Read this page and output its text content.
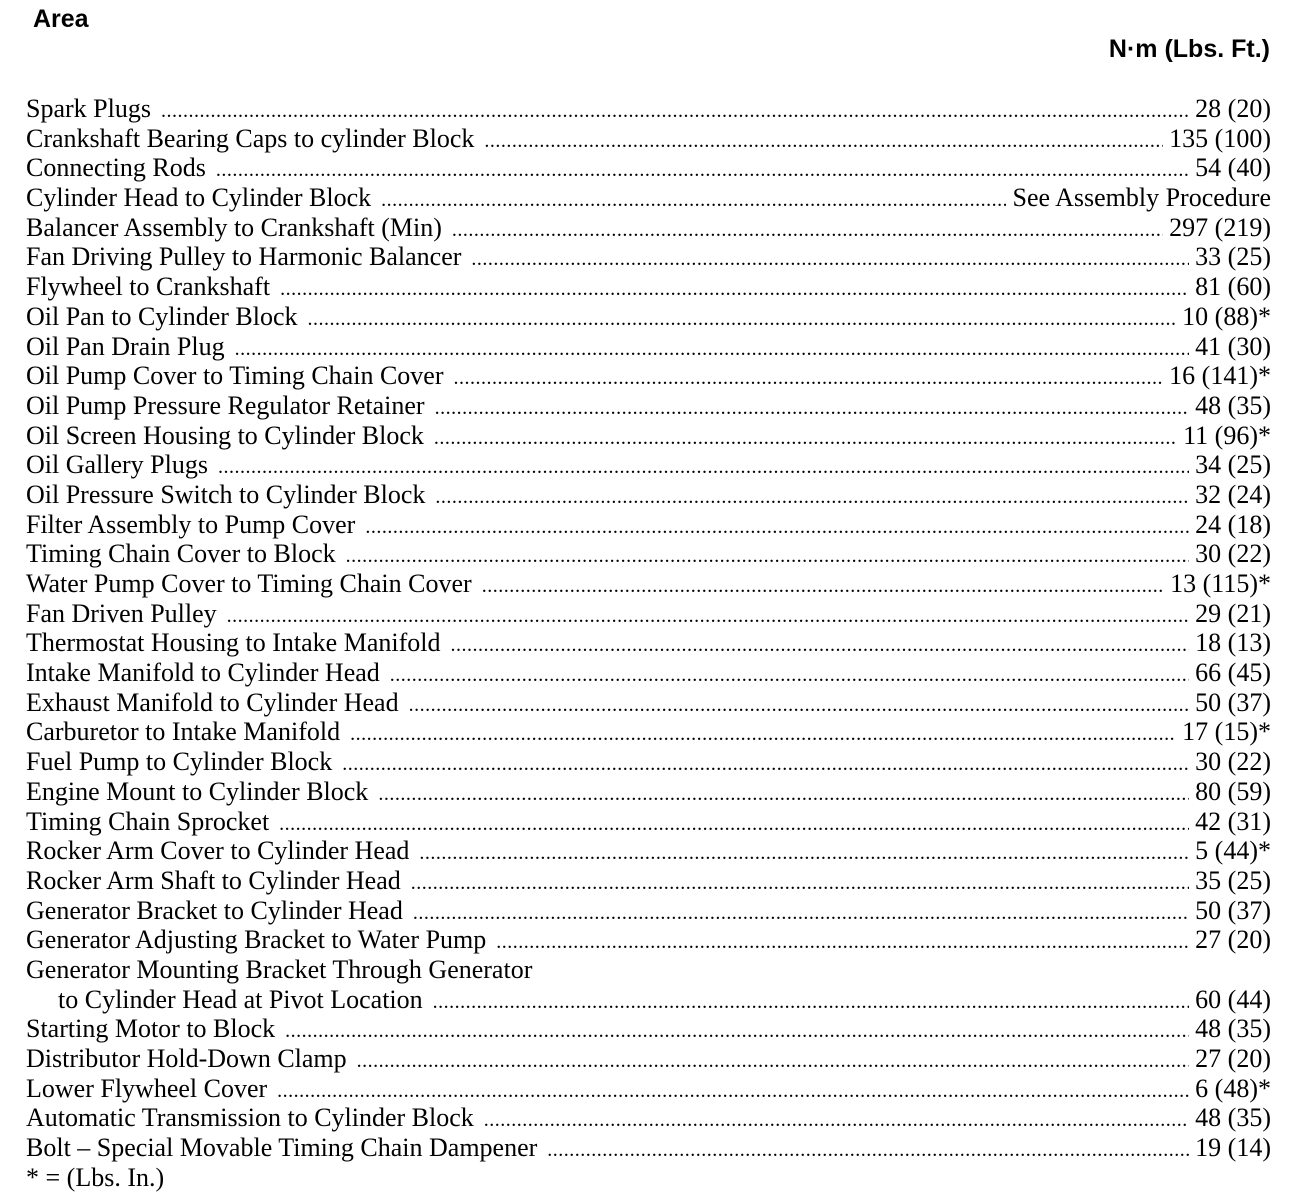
Area
N·m (Lbs. Ft.)
Spark Plugs .....	28 (20)
Crankshaft Bearing Caps to cylinder Block .....	135 (100)
Connecting Rods .....	54 (40)
Cylinder Head to Cylinder Block .....	See Assembly Procedure
Balancer Assembly to Crankshaft (Min) .....	297 (219)
Fan Driving Pulley to Harmonic Balancer .....	33 (25)
Flywheel to Crankshaft .....	81 (60)
Oil Pan to Cylinder Block .....	10 (88)*
Oil Pan Drain Plug .....	41 (30)
Oil Pump Cover to Timing Chain Cover .....	16 (141)*
Oil Pump Pressure Regulator Retainer .....	48 (35)
Oil Screen Housing to Cylinder Block .....	11 (96)*
Oil Gallery Plugs .....	34 (25)
Oil Pressure Switch to Cylinder Block .....	32 (24)
Filter Assembly to Pump Cover .....	24 (18)
Timing Chain Cover to Block .....	30 (22)
Water Pump Cover to Timing Chain Cover .....	13 (115)*
Fan Driven Pulley .....	29 (21)
Thermostat Housing to Intake Manifold .....	18 (13)
Intake Manifold to Cylinder Head .....	66 (45)
Exhaust Manifold to Cylinder Head .....	50 (37)
Carburetor to Intake Manifold .....	17 (15)*
Fuel Pump to Cylinder Block .....	30 (22)
Engine Mount to Cylinder Block .....	80 (59)
Timing Chain Sprocket .....	42 (31)
Rocker Arm Cover to Cylinder Head .....	5 (44)*
Rocker Arm Shaft to Cylinder Head .....	35 (25)
Generator Bracket to Cylinder Head .....	50 (37)
Generator Adjusting Bracket to Water Pump .....	27 (20)
Generator Mounting Bracket Through Generator
to Cylinder Head at Pivot Location .....	60 (44)
Starting Motor to Block .....	48 (35)
Distributor Hold-Down Clamp .....	27 (20)
Lower Flywheel Cover .....	6 (48)*
Automatic Transmission to Cylinder Block .....	48 (35)
Bolt – Special Movable Timing Chain Dampener .....	19 (14)
* = (Lbs. In.)
